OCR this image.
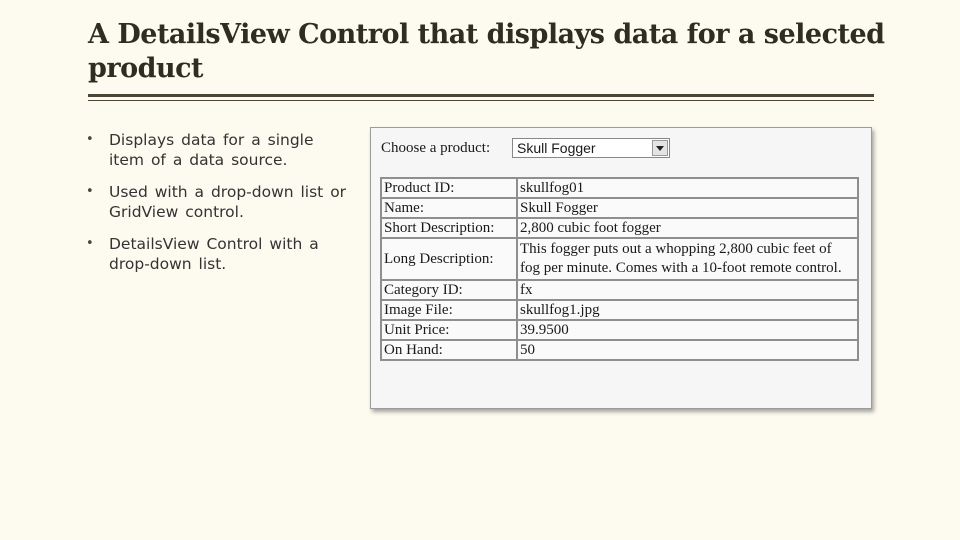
A DetailsView Control that displays data for a selected product
• Displays data for a single item of a data source.
• Used with a drop-down list or GridView control.
• DetailsView Control with a drop-down list.
Choose a product: Skull Fogger
Product ID:	skullfog01
Name:	Skull Fogger
Short Description:	2,800 cubic foot fogger
Long Description:	This fogger puts out a whopping 2,800 cubic feet of fog per minute. Comes with a 10-foot remote control.
Category ID:	fx
Image File:	skullfog1.jpg
Unit Price:	39.9500
On Hand:	50
